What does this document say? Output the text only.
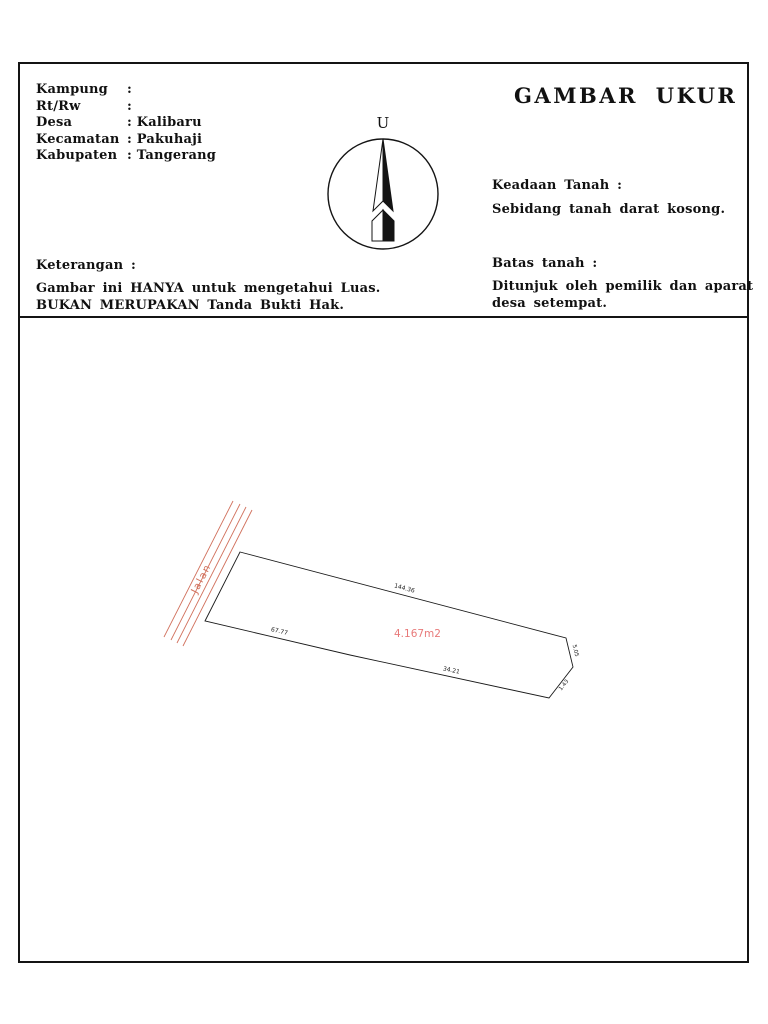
Kampung :
Rt/Rw	:
Desa	: Kalibaru
Kecamatan : Pakuhaji
Kabupaten : Tangerang
GAMBAR UKUR
U
Keadaan Tanah :
Sebidang tanah darat kosong.
Keterangan :
Gambar ini HANYA untuk mengetahui Luas.
BUKAN MERUPAKAN Tanda Bukti Hak.
Batas tanah :
Ditunjuk oleh pemilik dan aparat
desa setempat.
Jalan
4.167m2
144.36
67.77
34.21
5.05
1.43
